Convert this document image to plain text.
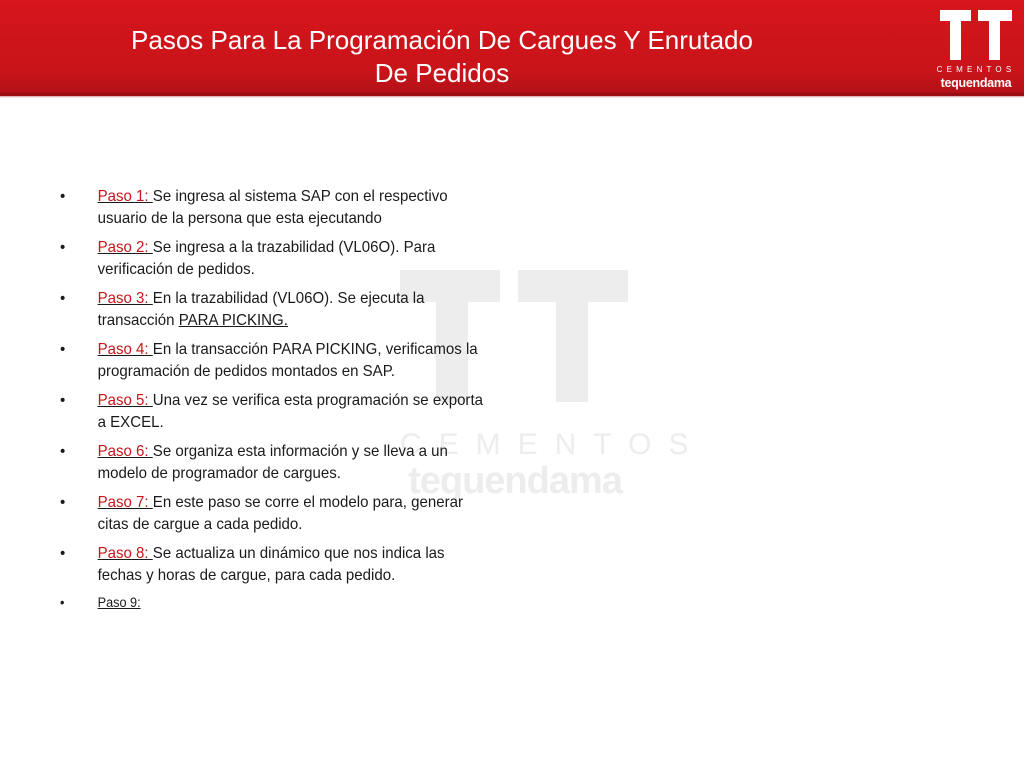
Pasos Para La Programación De Cargues Y Enrutado
De Pedidos	CEMENTOS
tequendama
CEMENTOS
tequendama
• Paso 1: Se ingresa al sistema SAP con el respectivo usuario de la persona que esta ejecutando
• Paso 2: Se ingresa a la trazabilidad (VL06O). Para verificación de pedidos.
• Paso 3: En la trazabilidad (VL06O). Se ejecuta la transacción PARA PICKING.
• Paso 4: En la transacción PARA PICKING, verificamos la programación de pedidos montados en SAP.
• Paso 5: Una vez se verifica esta programación se exporta a EXCEL.
• Paso 6: Se organiza esta información y se lleva a un modelo de programador de cargues.
• Paso 7: En este paso se corre el modelo para, generar citas de cargue a cada pedido.
• Paso 8: Se actualiza un dinámico que nos indica las fechas y horas de cargue, para cada pedido.
• Paso 9:
